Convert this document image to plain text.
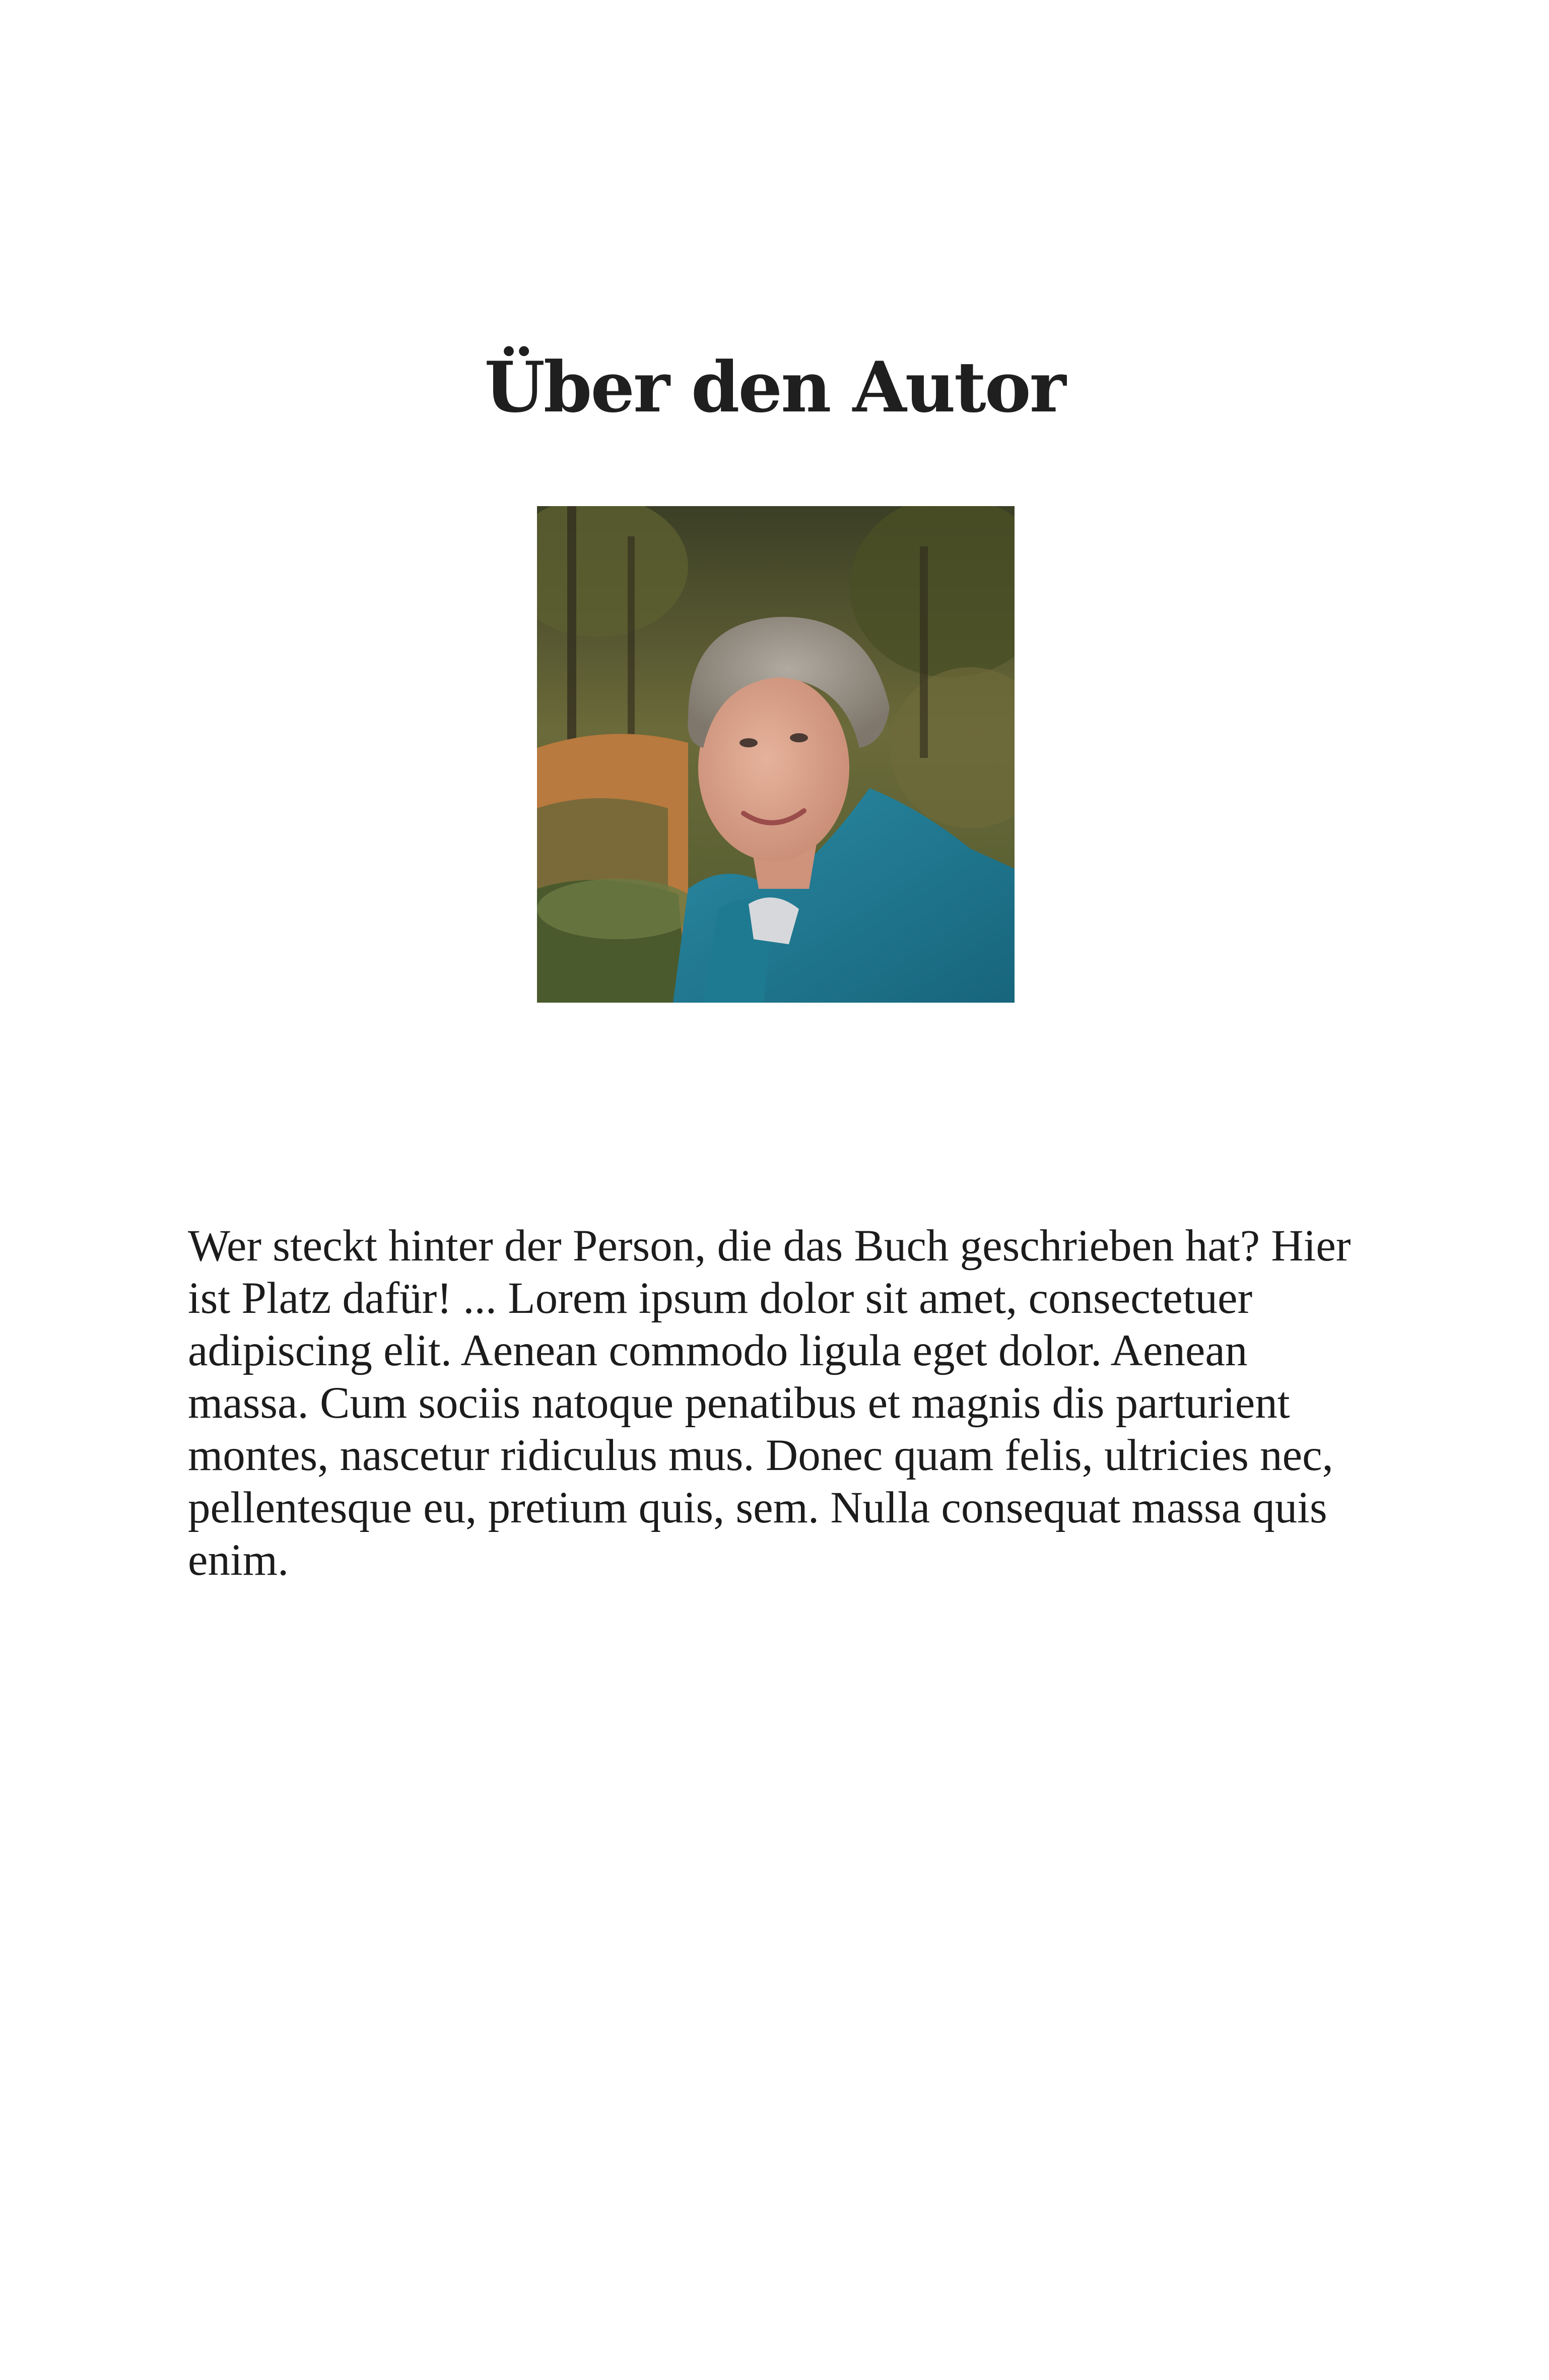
Über den Autor

Wer steckt hinter der Person, die das Buch geschrieben hat? Hier ist Platz dafür! ... Lorem ipsum dolor sit amet, consectetuer adipiscing elit. Aenean commodo ligula eget dolor. Aenean massa. Cum sociis natoque penatibus et magnis dis parturient montes, nascetur ridiculus mus. Donec quam felis, ultricies nec, pellentesque eu, pretium quis, sem. Nulla consequat massa quis enim.
